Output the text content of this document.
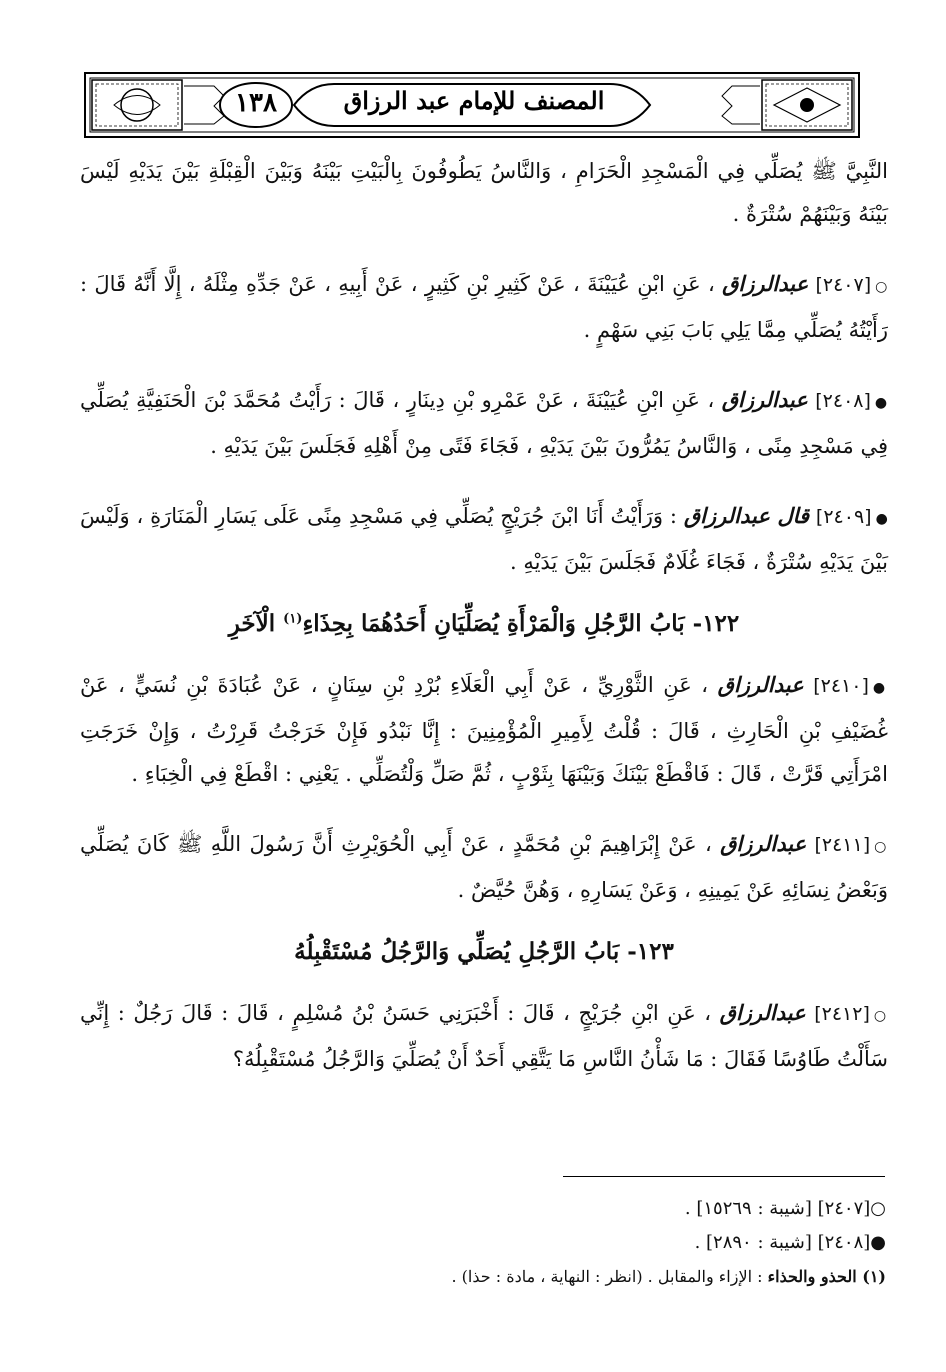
١٣٨	المصنف للإمام عبد الرزاق

النَّبِيَّ ﷺ يُصَلِّي فِي الْمَسْجِدِ الْحَرَامِ ، وَالنَّاسُ يَطُوفُونَ بِالْبَيْتِ بَيْنَهُ وَبَيْنَ الْقِبْلَةِ بَيْنَ يَدَيْهِ لَيْسَ بَيْنَهُ وَبَيْنَهُمْ سُتْرَةٌ .

○[٢٤٠٧] عبدالرزاق ، عَنِ ابْنِ عُيَيْنَةَ ، عَنْ كَثِيرِ بْنِ كَثِيرٍ ، عَنْ أَبِيهِ ، عَنْ جَدِّهِ مِثْلَهُ ، إِلَّا أَنَّهُ قَالَ : رَأَيْتُهُ يُصَلِّي مِمَّا يَلِي بَابَ بَنِي سَهْمٍ .

●[٢٤٠٨] عبدالرزاق ، عَنِ ابْنِ عُيَيْنَةَ ، عَنْ عَمْرِو بْنِ دِينَارٍ ، قَالَ : رَأَيْتُ مُحَمَّدَ بْنَ الْحَنَفِيَّةِ يُصَلِّي فِي مَسْجِدِ مِنًى ، وَالنَّاسُ يَمُرُّونَ بَيْنَ يَدَيْهِ ، فَجَاءَ فَتًى مِنْ أَهْلِهِ فَجَلَسَ بَيْنَ يَدَيْهِ .

●[٢٤٠٩] قال عبدالرزاق : وَرَأَيْتُ أَنَا ابْنَ جُرَيْجٍ يُصَلِّي فِي مَسْجِدِ مِنًى عَلَى يَسَارِ الْمَنَارَةِ ، وَلَيْسَ بَيْنَ يَدَيْهِ سُتْرَةٌ ، فَجَاءَ غُلَامٌ فَجَلَسَ بَيْنَ يَدَيْهِ .

١٢٢- بَابُ الرَّجُلِ وَالْمَرْأَةِ يُصَلِّيَانِ أَحَدُهُمَا بِحِذَاءِ$^{(١)}$ الْآخَرِ

●[٢٤١٠] عبدالرزاق ، عَنِ الثَّوْرِيِّ ، عَنْ أَبِي الْعَلَاءِ بُرْدِ بْنِ سِنَانٍ ، عَنْ عُبَادَةَ بْنِ نُسَيٍّ ، عَنْ غُضَيْفِ بْنِ الْحَارِثِ ، قَالَ : قُلْتُ لِأَمِيرِ الْمُؤْمِنِينَ : إِنَّا نَبْدُو فَإِنْ خَرَجْتُ قَرِرْتُ ، وَإِنْ خَرَجَتِ امْرَأَتِي قَرَّتْ ، قَالَ : فَاقْطَعْ بَيْنَكَ وَبَيْنَهَا بِثَوْبٍ ، ثُمَّ صَلِّ وَلْتُصَلِّي . يَعْنِي : اقْطَعْ فِي الْخِبَاءِ .

○[٢٤١١] عبدالرزاق ، عَنْ إِبْرَاهِيمَ بْنِ مُحَمَّدٍ ، عَنْ أَبِي الْحُوَيْرِثِ أَنَّ رَسُولَ اللَّهِ ﷺ كَانَ يُصَلِّي وَبَعْضُ نِسَائِهِ عَنْ يَمِينِهِ ، وَعَنْ يَسَارِهِ ، وَهُنَّ حُيَّضٌ .

١٢٣- بَابُ الرَّجُلِ يُصَلِّي وَالرَّجُلُ مُسْتَقْبِلُهُ

○[٢٤١٢] عبدالرزاق ، عَنِ ابْنِ جُرَيْجٍ ، قَالَ : أَخْبَرَنِي حَسَنُ بْنُ مُسْلِمٍ ، قَالَ : قَالَ رَجُلٌ : إِنِّي سَأَلْتُ طَاوُسًا فَقَالَ : مَا شَأْنُ النَّاسِ مَا يَتَّقِي أَحَدٌ أَنْ يُصَلِّيَ وَالرَّجُلُ مُسْتَقْبِلُهُ؟

○[٢٤٠٧] [شيبة : ١٥٢٦٩] .

●[٢٤٠٨] [شيبة : ٢٨٩٠] .

(١) الحذو والحذاء : الإزاء والمقابل . (انظر : النهاية ، مادة : حذا) .
